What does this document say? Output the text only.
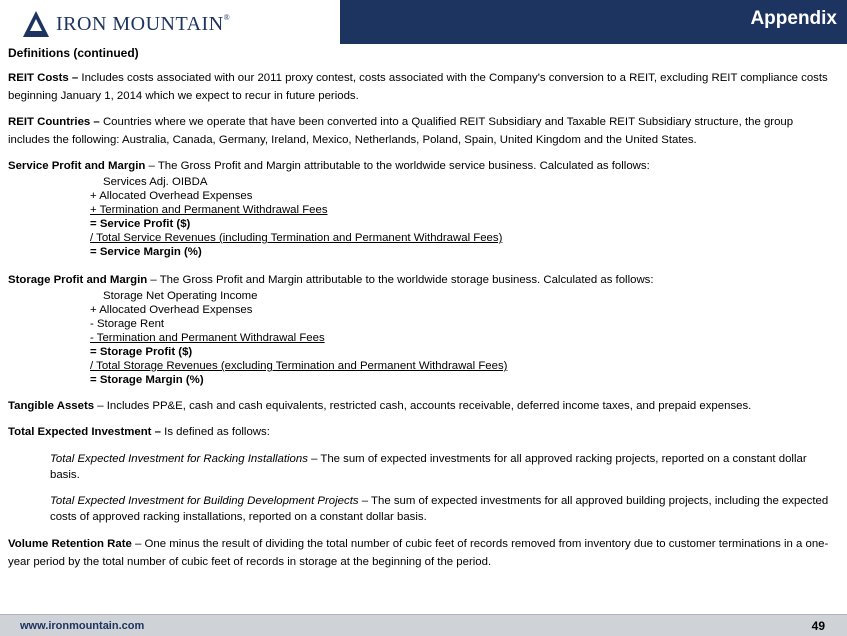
IRON MOUNTAIN®	Appendix
Definitions (continued)

REIT Costs – Includes costs associated with our 2011 proxy contest, costs associated with the Company's conversion to a REIT, excluding REIT compliance costs beginning January 1, 2014 which we expect to recur in future periods.

REIT Countries – Countries where we operate that have been converted into a Qualified REIT Subsidiary and Taxable REIT Subsidiary structure, the group includes the following: Australia, Canada, Germany, Ireland, Mexico, Netherlands, Poland, Spain, United Kingdom and the United States.

Service Profit and Margin – The Gross Profit and Margin attributable to the worldwide service business. Calculated as follows:

Services Adj. OIBDA
+ Allocated Overhead Expenses
+ Termination and Permanent Withdrawal Fees
= Service Profit ($)
/ Total Service Revenues (including Termination and Permanent Withdrawal Fees)
= Service Margin (%)

Storage Profit and Margin – The Gross Profit and Margin attributable to the worldwide storage business. Calculated as follows:

Storage Net Operating Income
+ Allocated Overhead Expenses
- Storage Rent
- Termination and Permanent Withdrawal Fees
= Storage Profit ($)
/ Total Storage Revenues (excluding Termination and Permanent Withdrawal Fees)
= Storage Margin (%)

Tangible Assets – Includes PP&E, cash and cash equivalents, restricted cash, accounts receivable, deferred income taxes, and prepaid expenses.

Total Expected Investment – Is defined as follows:

Total Expected Investment for Racking Installations – The sum of expected investments for all approved racking projects, reported on a constant dollar basis.

Total Expected Investment for Building Development Projects – The sum of expected investments for all approved building projects, including the expected costs of approved racking installations, reported on a constant dollar basis.

Volume Retention Rate – One minus the result of dividing the total number of cubic feet of records removed from inventory due to customer terminations in a one-year period by the total number of cubic feet of records in storage at the beginning of the period.

www.ironmountain.com	49
